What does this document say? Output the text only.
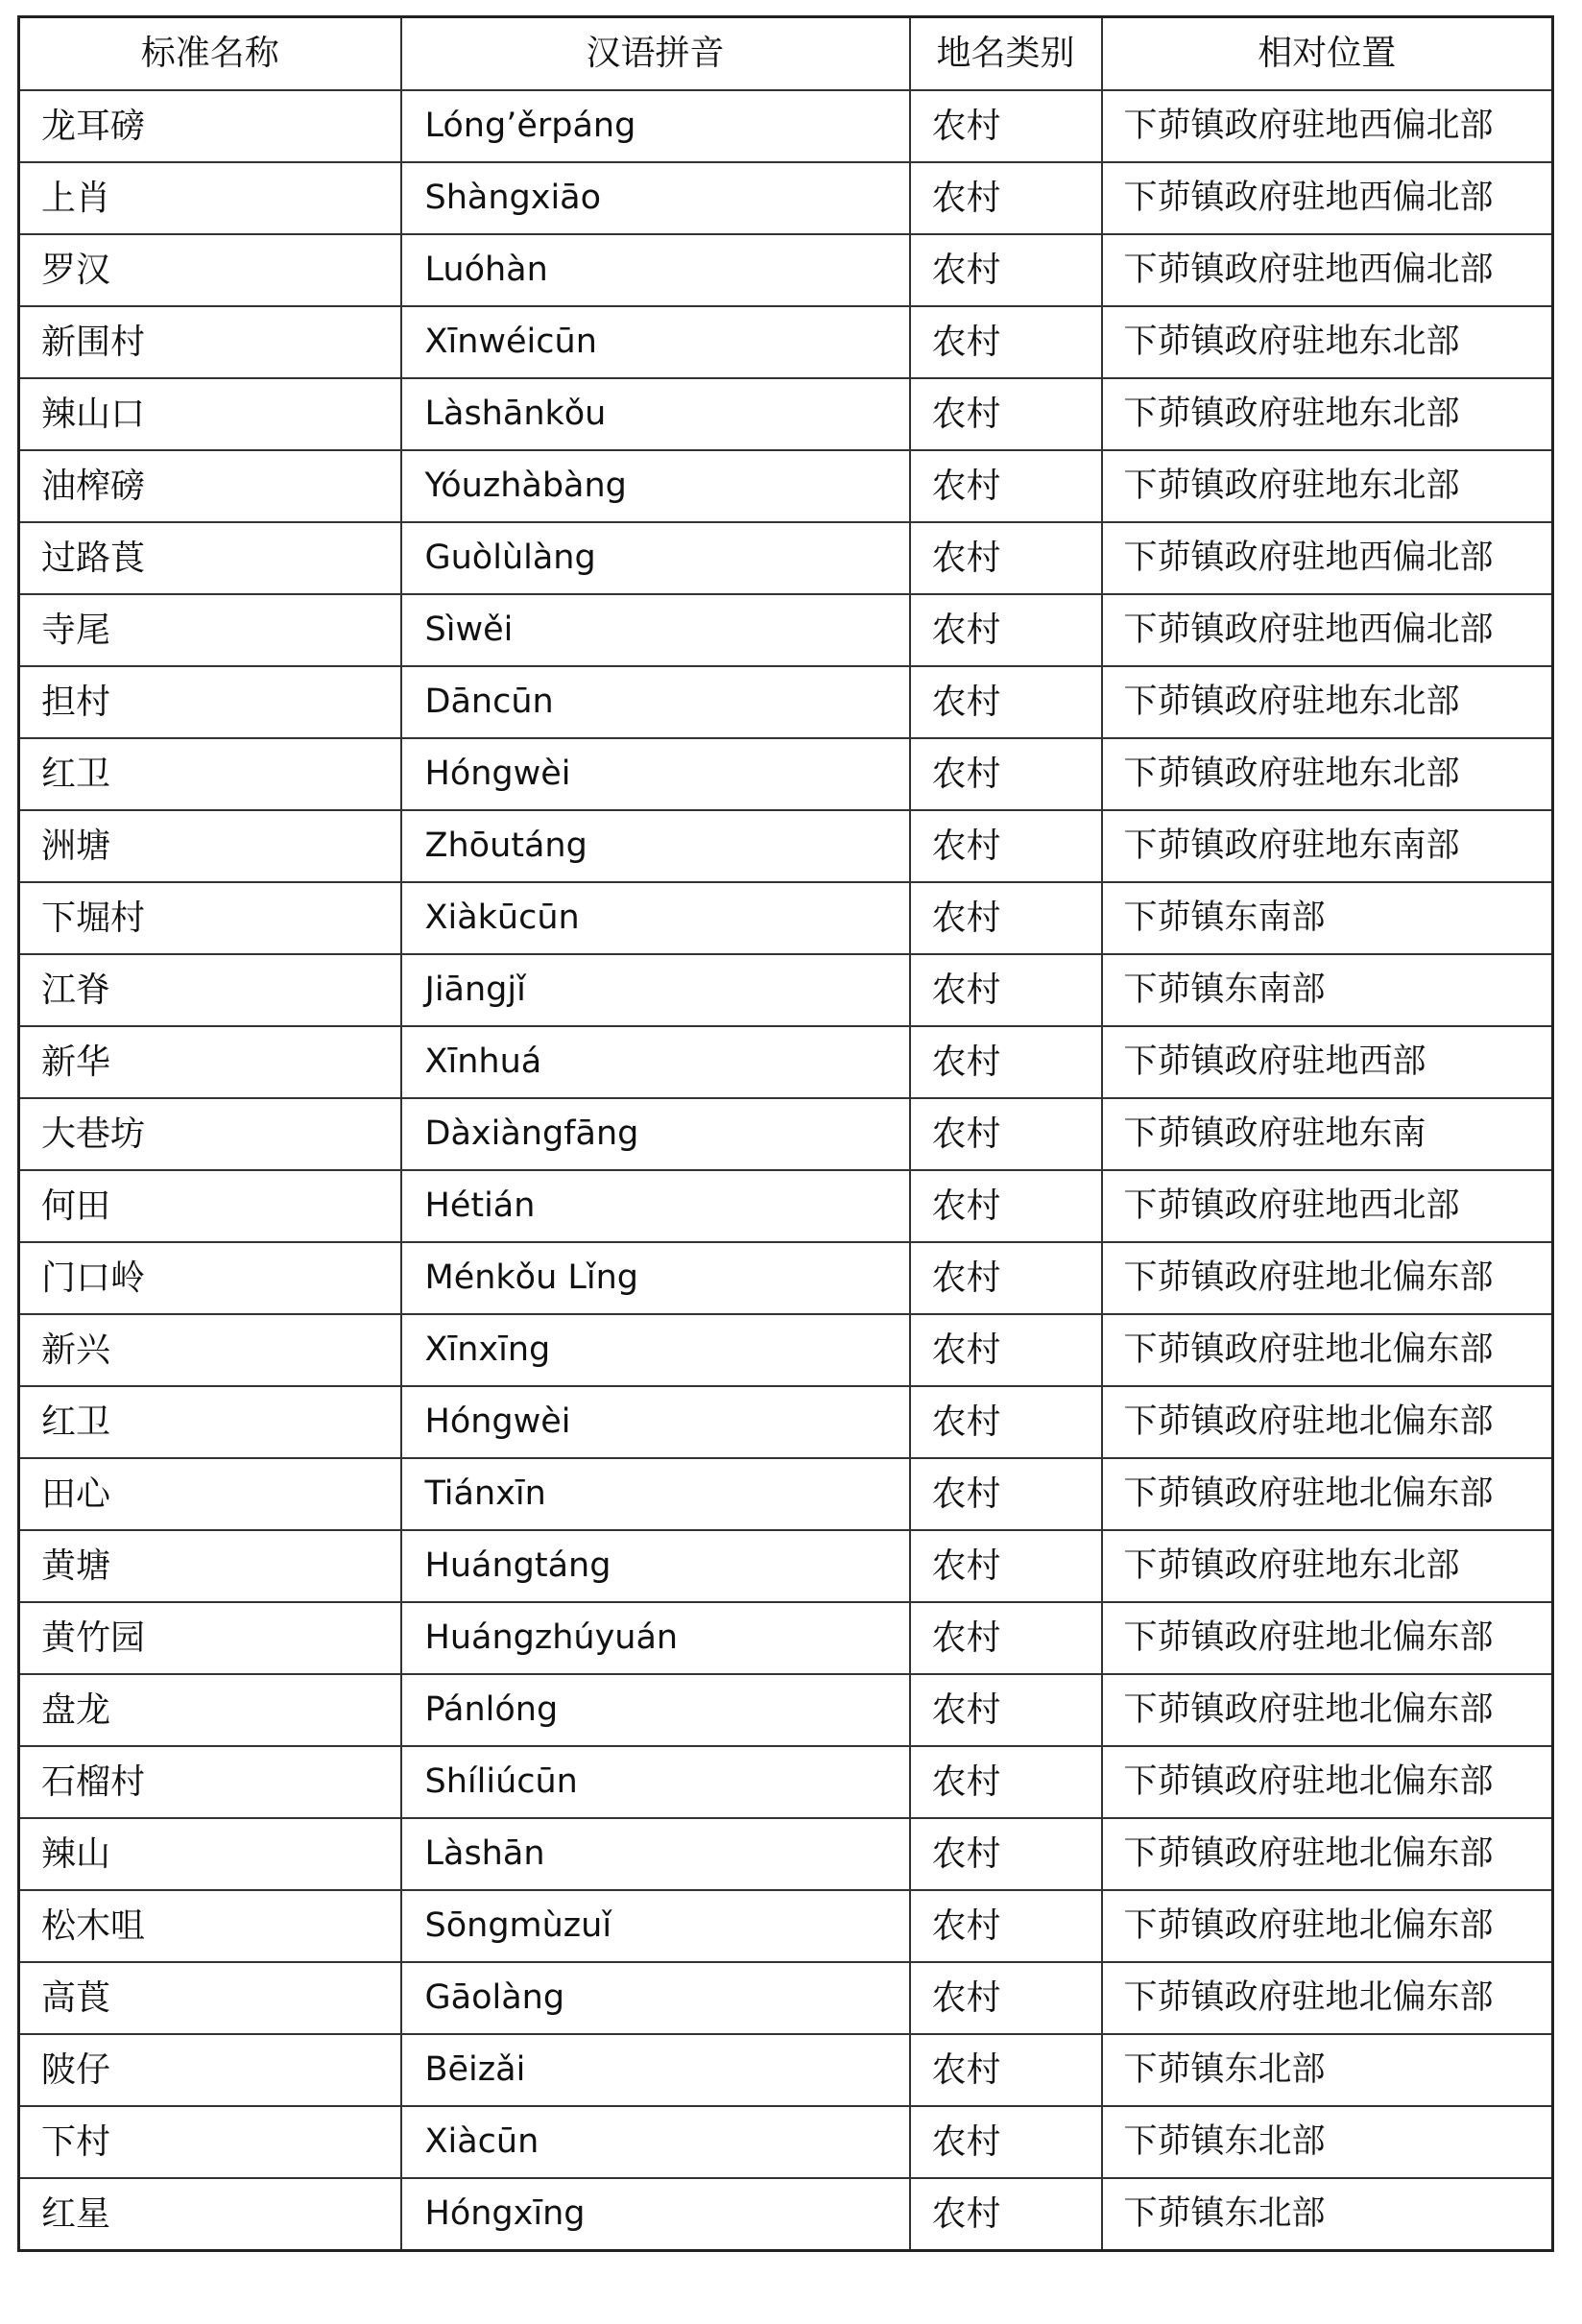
标准名称	汉语拼音	地名类别	相对位置
龙耳磅	Lóng’ěrpáng	农村	下茆镇政府驻地西偏北部
上肖	Shàngxiāo	农村	下茆镇政府驻地西偏北部
罗汉	Luóhàn	农村	下茆镇政府驻地西偏北部
新围村	Xīnwéicūn	农村	下茆镇政府驻地东北部
辣山口	Làshānkǒu	农村	下茆镇政府驻地东北部
油榨磅	Yóuzhàbàng	农村	下茆镇政府驻地东北部
过路莨	Guòlùlàng	农村	下茆镇政府驻地西偏北部
寺尾	Sìwěi	农村	下茆镇政府驻地西偏北部
担村	Dāncūn	农村	下茆镇政府驻地东北部
红卫	Hóngwèi	农村	下茆镇政府驻地东北部
洲塘	Zhōutáng	农村	下茆镇政府驻地东南部
下堀村	Xiàkūcūn	农村	下茆镇东南部
江脊	Jiāngjǐ	农村	下茆镇东南部
新华	Xīnhuá	农村	下茆镇政府驻地西部
大巷坊	Dàxiàngfāng	农村	下茆镇政府驻地东南
何田	Hétián	农村	下茆镇政府驻地西北部
门口岭	Ménkǒu Lǐng	农村	下茆镇政府驻地北偏东部
新兴	Xīnxīng	农村	下茆镇政府驻地北偏东部
红卫	Hóngwèi	农村	下茆镇政府驻地北偏东部
田心	Tiánxīn	农村	下茆镇政府驻地北偏东部
黄塘	Huángtáng	农村	下茆镇政府驻地东北部
黄竹园	Huángzhúyuán	农村	下茆镇政府驻地北偏东部
盘龙	Pánlóng	农村	下茆镇政府驻地北偏东部
石榴村	Shíliúcūn	农村	下茆镇政府驻地北偏东部
辣山	Làshān	农村	下茆镇政府驻地北偏东部
松木咀	Sōngmùzuǐ	农村	下茆镇政府驻地北偏东部
高莨	Gāolàng	农村	下茆镇政府驻地北偏东部
陂仔	Bēizǎi	农村	下茆镇东北部
下村	Xiàcūn	农村	下茆镇东北部
红星	Hóngxīng	农村	下茆镇东北部
